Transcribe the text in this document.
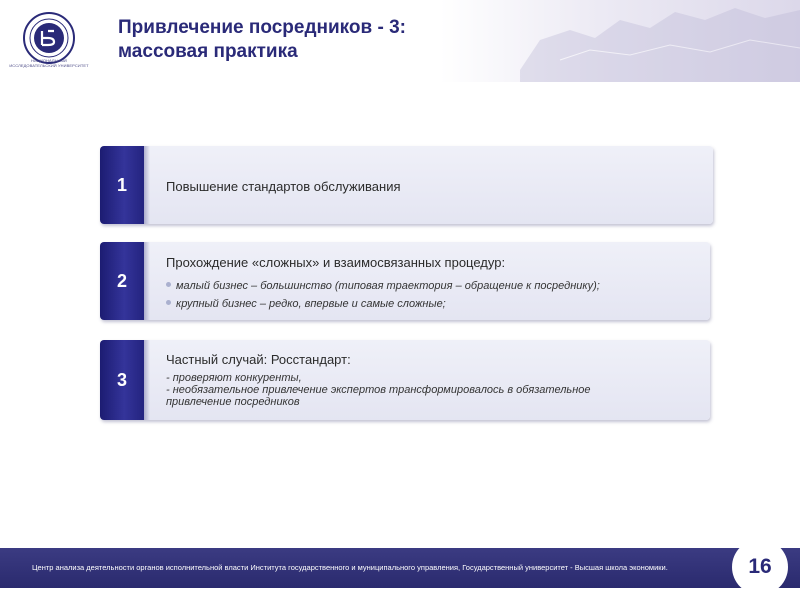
НАЦИОНАЛЬНЫЙ ИССЛЕДОВАТЕЛЬСКИЙ УНИВЕРСИТЕТ
Привлечение посредников - 3:
массовая практика
1	Повышение стандартов обслуживания
2
Прохождение «сложных» и взаимосвязанных процедур:
малый бизнес – большинство (типовая траектория – обращение к посреднику);
крупный бизнес – редко, впервые и самые сложные;
3
Частный случай: Росстандарт:
- проверяют конкуренты,
- необязательное привлечение экспертов трансформировалось в обязательное
привлечение посредников
Центр анализа деятельности органов исполнительной власти Института государственного и муниципального управления, Государственный университет - Высшая школа экономики.	16
